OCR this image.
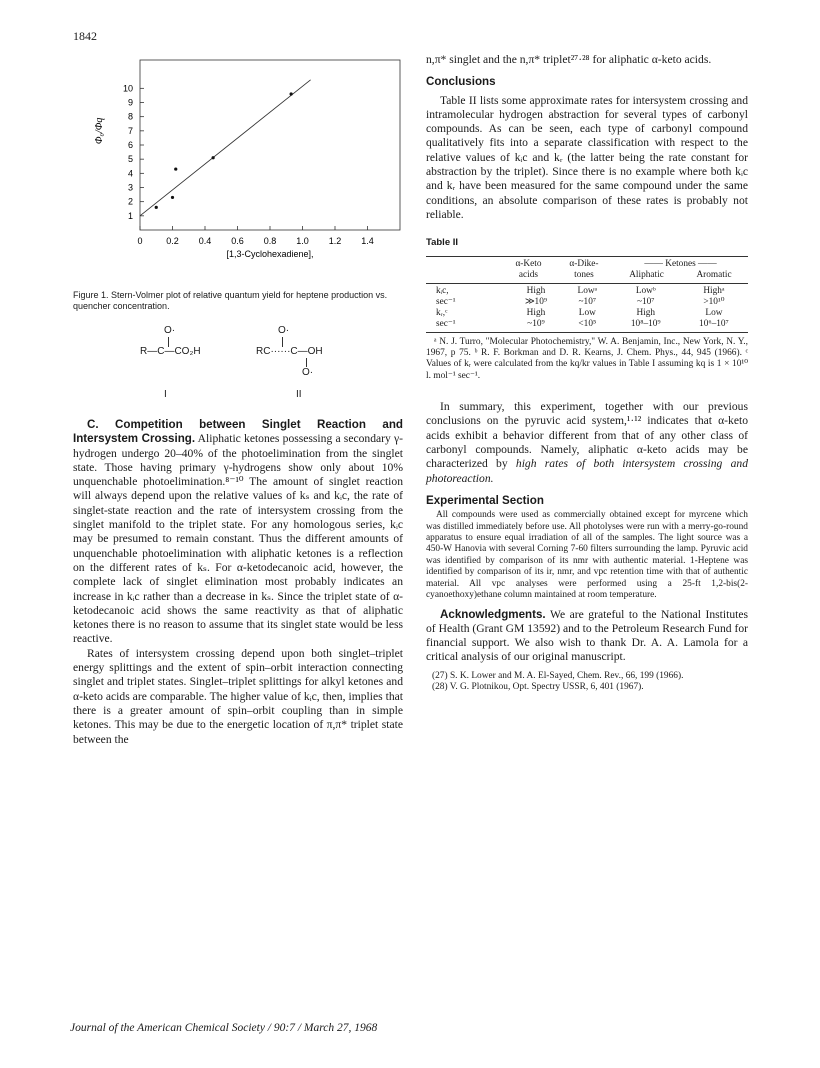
1842
1
2
3
4
5
6
7
8
9
10
0	0.2 0.4 0.6 0.8 1.0 1.2 1.4
Φ₀/Φq
[1,3-Cyclohexadiene],
Figure 1. Stern-Volmer plot of relative quantum yield for heptene production vs. quencher concentration.
O·
R—C—CO₂H
I
O·
RC······C—OH
O·
II

C. Competition between Singlet Reaction and Intersystem Crossing. Aliphatic ketones possessing a secondary γ-hydrogen undergo 20–40% of the photoelimination from the singlet state. Those having primary γ-hydrogens show only about 10% unquenchable photoelimination.⁸⁻¹⁰ The amount of singlet reaction will always depend upon the relative values of kₛ and kᵢc, the rate of singlet-state reaction and the rate of intersystem crossing from the singlet manifold to the triplet state. For any homologous series, kᵢc may be presumed to remain constant. Thus the different amounts of unquenchable photoelimination with aliphatic ketones is a reflection on the different rates of kₛ. For α-ketodecanoic acid, however, the complete lack of singlet elimination most probably indicates an increase in kᵢc rather than a decrease in kₛ. Since the triplet state of α-ketodecanoic acid shows the same reactivity as that of aliphatic ketones there is no reason to assume that its singlet state would be less reactive.

Rates of intersystem crossing depend upon both singlet–triplet energy splittings and the extent of spin–orbit interaction connecting singlet and triplet states. Singlet–triplet splittings for alkyl ketones and α-keto acids are comparable. The higher value of kᵢc, then, implies that there is a greater amount of spin–orbit coupling than in simple ketones. This may be due to the energetic location of π,π* triplet state between the

n,π* singlet and the n,π* triplet²⁷·²⁸ for aliphatic α-keto acids.

Conclusions

Table II lists some approximate rates for intersystem crossing and intramolecular hydrogen abstraction for several types of carbonyl compounds. As can be seen, each type of carbonyl compound qualitatively fits into a separate classification with respect to the relative values of kᵢc and kᵣ (the latter being the rate constant for abstraction by the triplet). Since there is no example where both kᵢc and kᵣ have been measured for the same compound under the same conditions, an absolute comparison of these rates is probably not reliable.

Table II

	α-Keto	α-Dike-	—— Ketones ——	
	acids	tones	Aliphatic	Aromatic
kᵢc,	High	Lowᵃ	Lowᵇ	Highᵃ
sec⁻¹	≫10⁹	~10⁷	~10⁷	>10¹⁰
kᵣ,ᶜ	High	Low	High	Low
sec⁻¹	~10⁹	<10⁵	10⁸–10⁹	10⁶–10⁷

ᵃ N. J. Turro, "Molecular Photochemistry," W. A. Benjamin, Inc., New York, N. Y., 1967, p 75. ᵇ R. F. Borkman and D. R. Kearns, J. Chem. Phys., 44, 945 (1966). ᶜ Values of kᵣ were calculated from the kq/kr values in Table I assuming kq is 1 × 10¹⁰ l. mol⁻¹ sec⁻¹.

In summary, this experiment, together with our previous conclusions on the pyruvic acid system,¹·¹² indicates that α-keto acids exhibit a behavior different from that of any other class of carbonyl compounds. Namely, aliphatic α-keto acids may be characterized by high rates of both intersystem crossing and photoreaction.

Experimental Section

All compounds were used as commercially obtained except for myrcene which was distilled immediately before use. All photolyses were run with a merry-go-round apparatus to ensure equal irradiation of all of the samples. The light source was a 450-W Hanovia with several Corning 7-60 filters surrounding the lamp. Pyruvic acid was identified by comparison of its nmr with authentic material. 1-Heptene was identified by comparison of its ir, nmr, and vpc retention time with that of authentic material. All vpc analyses were performed using a 25-ft 1,2-bis(2-cyanoethoxy)ethane column maintained at room temperature.

Acknowledgments. We are grateful to the National Institutes of Health (Grant GM 13592) and to the Petroleum Research Fund for financial support. We also wish to thank Dr. A. A. Lamola for a critical analysis of our original manuscript.

(27) S. K. Lower and M. A. El-Sayed, Chem. Rev., 66, 199 (1966).

(28) V. G. Plotnikou, Opt. Spectry USSR, 6, 401 (1967).

Journal of the American Chemical Society / 90:7 / March 27, 1968
